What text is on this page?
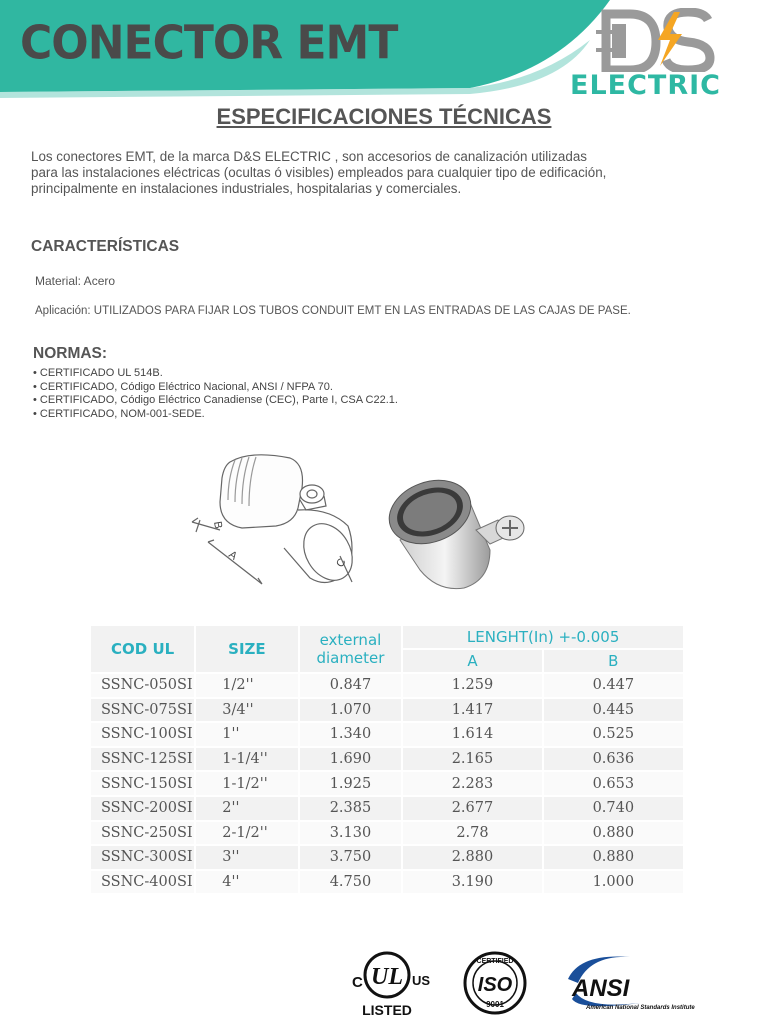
CONECTOR EMT
ELECTRIC
ESPECIFICACIONES TÉCNICAS
Los conectores EMT, de la marca D&S ELECTRIC , son accesorios de canalización utilizadas
para las instalaciones eléctricas (ocultas ó visibles) empleados para cualquier tipo de edificación,
principalmente en instalaciones industriales, hospitalarias y comerciales.
CARACTERÍSTICAS
Material: Acero
Aplicación: UTILIZADOS PARA FIJAR LOS TUBOS CONDUIT EMT EN LAS ENTRADAS DE LAS CAJAS DE PASE.
NORMAS:
• CERTIFICADO UL 514B.
• CERTIFICADO, Código Eléctrico Nacional, ANSI / NFPA 70.
• CERTIFICADO, Código Eléctrico Canadiense (CEC), Parte I, CSA C22.1.
• CERTIFICADO, NOM-001-SEDE.
A
B
C
COD UL	SIZE	external
diameter	LENGHT(In) +-0.005	
			A	B
SSNC-050SI	1/2''	0.847	1.259	0.447
SSNC-075SI	3/4''	1.070	1.417	0.445
SSNC-100SI	1''	1.340	1.614	0.525
SSNC-125SI	1-1/4''	1.690	2.165	0.636
SSNC-150SI	1-1/2''	1.925	2.283	0.653
SSNC-200SI	2''	2.385	2.677	0.740
SSNC-250SI	2-1/2''	3.130	2.78	0.880
SSNC-300SI	3''	3.750	2.880	0.880
SSNC-400SI	4''	4.750	3.190	1.000
UL
C	US
LISTED
CERTIFIED
ISO
9001
ANSI
American National Standards Institute
